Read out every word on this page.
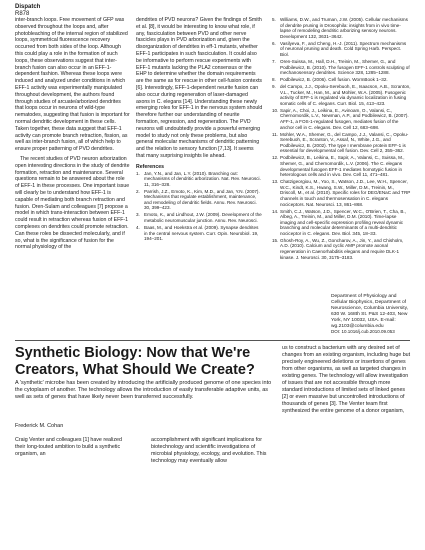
Dispatch
R878

inter-branch loops. Free movement of GFP was observed throughout the loops and, after photobleaching of the internal region of stabilized loops, symmetrical fluorescence recovery occurred from both sides of the loop. Although this could play a role in the formation of such loops, these observations suggest that inter-branch fusion can also occur in an EFF-1-dependent fashion. Whereas these loops were induced and analyzed under conditions in which EFF-1 activity was experimentally manipulated throughout development, the authors found through studies of arcuate/arborized dendrites that loops occur in neurons of wild-type nematodes, suggesting that fusion is important for normal dendritic development in these cells. Taken together, these data suggest that EFF-1 activity can promote branch retraction, fission, as well as inter-branch fusion, all of which help to ensure proper patterning of PVD dendrites.

The recent studies of PVD neuron arborization open interesting directions in the study of dendrite formation, retraction and maintenance. Several questions remain to be answered about the role of EFF-1 in these processes. One important issue will clearly be to understand how EFF-1 is capable of mediating both branch retraction and fusion. Oren-Sulam and colleagues [7] propose a model in which trans-interaction between EFF-1 could result in retraction whereas fusion of EFF-1 complexes on dendrites could promote retraction. Can these roles be dissected molecularly, and if so, what is the significance of fusion for the normal physiology of the

dendrites of PVD neurons? Given the findings of Smith et al. [8], it would be interesting to know what role, if any, fasciculation between PVD and other nerve fascicles plays in PVD arborization and, given the disorganization of dendrites in eff-1 mutants, whether EFF-1 participates in such fasciculation. It could also be informative to perform rescue experiments with EFF-1 mutants lacking the PLA2 consensus or the EHP to determine whether the domain requirements are the same as for rescue in other cell-fusion contexts [6]. Interestingly, EFF-1-dependent neurite fusion can also occur during regeneration of laser-damaged axons in C. elegans [14]. Understanding these newly emerging roles for EFF-1 in the nervous system should therefore further our understanding of neurite formation, regression, and regeneration. The PVD neurons will undoubtedly provide a powerful emerging model to study not only these problems, but also general molecular mechanisms of dendritic patterning and the relation to sensory function [7,13]. It seems that many surprising insights lie ahead.

References
1. Jan, Y.N., and Jan, L.Y. (2010). Branching out: mechanisms of dendritic arborization. Nat. Rev. Neurosci. 11, 316–328.
2. Parrish, J.Z., Emoto, K., Kim, M.D., and Jan, Y.N. (2007). Mechanisms that regulate establishment, maintenance, and remodeling of dendritic fields. Annu. Rev. Neurosci. 30, 399–423.
3. Emoto, K., and Lindhout, J.W. (2009). Development of the metabolic neuromuscular junction. Annu. Rev. Neurosci.
4. Baas, M., and Hoekstra et al. (2009). Synapse dendrites in the central nervous system. Curr. Opin. Neurobiol. 19, 194–201.
5. Williams, D.W., and Truman, J.W. (2005). Cellular mechanisms of dendrite pruning in Drosophila: insights from in vivo time-lapse of remodeling dendritic arborizing sensory neurons. Development 132, 3631–3642.
6. Vasilyeva, F., and Cheng, H.-J. (2011). Spectrum mechanisms of neuronal pruning and death. Cold Spring Harb. Perspect. Biol.
7. Oren-Suissa, M., Hall, D.H., Treinin, M., Shemer, G., and Podbilewicz, B. (2010). The fusogen EFF-1 controls sculpting of mechanosensory dendrites. Science 328, 1285–1288.
8. Podbilewicz, B. (2006). Cell fusion. WormBook 1–32.
9. del Campo, J.J., Opoku-Serebuoh, E., Isaacson, A.B., Scranton, V.L., Tucker, M., Han, M., and Mohler, W.A. (2005). Fusogenic activity of EFF-1 is regulated via dynamic localization in fusing somatic cells of C. elegans. Curr. Biol. 15, 413–423.
10. Sapir, A., Choi, J., Leikina, E., Avinoam, O., Valansi, C., Chernomordik, L.V., Newman, A.P., and Podbilewicz, B. (2007). AFF-1, a FOS-1-regulated fusogen, mediates fusion of the anchor cell in C. elegans. Dev. Cell 12, 683–698.
11. Mohler, W.A., Shemer, G., del Campo, J.J., Valansi, C., Opoku-Serebuoh, E., Scranton, V., Assaf, N., White, J.G., and Podbilewicz, B. (2002). The type I membrane protein EFF-1 is essential for developmental cell fusion. Dev. Cell 2, 355–362.
12. Podbilewicz, B., Leikina, E., Sapir, A., Valansi, C., Suissa, M., Shemer, G., and Chernomordik, L.V. (2006). The C. elegans developmental fusogen EFF-1 mediates homotypic fusion in heterologous cells and in vivo. Dev. Cell 11, 471–481.
13. Chatzigeorgiou, M., Yoo, S., Watson, J.D., Lee, W.H., Spencer, W.C., Kindt, K.S., Hwang, S.W., Miller, D.M., Treinin, M., Driscoll, M., et al. (2010). Specific roles for DEG/ENaC and TRP channels in touch and thermosensation in C. elegans nociceptors. Nat. Neurosci. 13, 861–868.
14. Smith, C.J., Watson, J.D., Spencer, W.C., O'Brien, T., Cha, B., Albeg, A., Treinin, M., and Miller, D.M. (2010). Time-lapse imaging and cell-specific expression profiling reveal dynamic branching and molecular determinants of a multi-dendritic nociceptor in C. elegans. Dev. Biol. 345, 18–33.
15. Ghosh-Roy, A., Wu, Z., Goncharov, A., Jin, Y., and Chisholm, A.D. (2010). Calcium and cyclic AMP promote axonal regeneration in Caenorhabditis elegans and require DLK-1 kinase. J. Neurosci. 30, 3175–3183.
Department of Physiology and Cellular Biophysics, Department of Neuroscience, Columbia University, 630 W. 168th St. P&S 12-403, New York, NY 10032, USA. E-mail: wg.2103@columbia.edu
DOI: 10.1016/j.cub.2010.09.053
Synthetic Biology: Now that We're Creators, What Should We Create?
A 'synthetic' microbe has been created by introducing the artificially produced genome of one species into the cytoplasm of another. The technology allows the introduction of easily transferable adaptive units, as well as sets of genes that have likely never been transferred successfully.
Frederick M. Cohan

Craig Venter and colleagues [1] have realized their long-touted ambition to build a synthetic organism, an

accomplishment with significant implications for biotechnology and scientific investigations of microbial physiology, ecology, and evolution. This technology may eventually allow

us to construct a bacterium with any desired set of changes from an existing organism, including huge but precisely engineered deletions or insertions of genes from other organisms, as well as targeted changes in existing genes. The technology will allow investigation of issues that are not accessible through more standard introductions of limited sets of linked genes [2] or even massive but uncontrolled introductions of thousands of genes [3]. The Venter team first synthesized the entire genome of a donor organism,
